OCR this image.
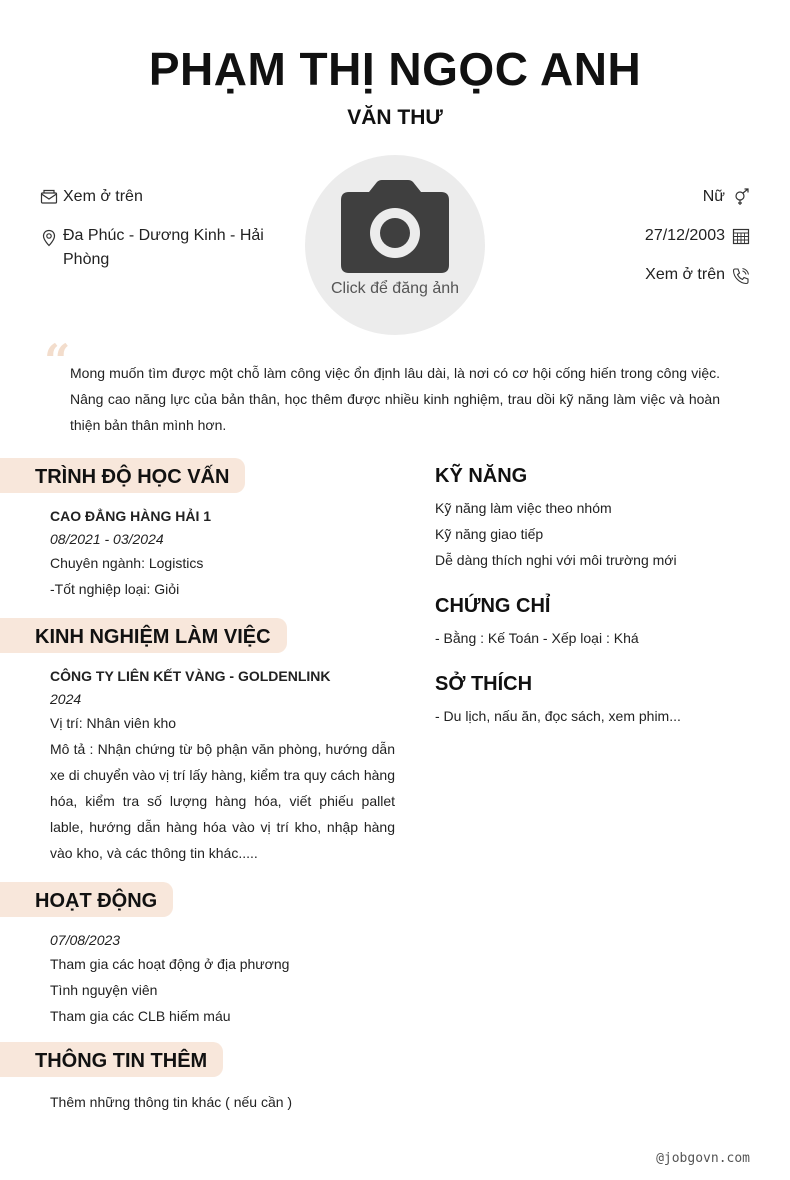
PHẠM THỊ NGỌC ANH
VĂN THƯ
Xem ở trên
Đa Phúc - Dương Kinh - Hải Phòng
Nữ
27/12/2003
Xem ở trên
Click để đăng ảnh
“ Mong muốn tìm được một chỗ làm công việc ổn định lâu dài, là nơi có cơ hội cống hiến trong công việc. Nâng cao năng lực của bản thân, học thêm được nhiều kinh nghiệm, trau dồi kỹ năng làm việc và hoàn thiện bản thân mình hơn.
TRÌNH ĐỘ HỌC VẤN
CAO ĐẲNG HÀNG HẢI 1
08/2021 - 03/2024
Chuyên ngành: Logistics
-Tốt nghiệp loại: Giỏi
KINH NGHIỆM LÀM VIỆC
CÔNG TY LIÊN KẾT VÀNG - GOLDENLINK
2024
Vị trí: Nhân viên kho
Mô tả : Nhận chứng từ bộ phận văn phòng, hướng dẫn xe di chuyển vào vị trí lấy hàng, kiểm tra quy cách hàng hóa, kiểm tra số lượng hàng hóa, viết phiếu pallet lable, hướng dẫn hàng hóa vào vị trí kho, nhập hàng vào kho, và các thông tin khác.....
HOẠT ĐỘNG
07/08/2023
Tham gia các hoạt động ở địa phương
Tình nguyện viên
Tham gia các CLB hiếm máu
THÔNG TIN THÊM
Thêm những thông tin khác ( nếu cần )
KỸ NĂNG
Kỹ năng làm việc theo nhóm
Kỹ năng giao tiếp
Dễ dàng thích nghi với môi trường mới
CHỨNG CHỈ
- Bằng : Kế Toán - Xếp loại : Khá
SỞ THÍCH
- Du lịch, nấu ăn, đọc sách, xem phim...
@jobgovn.com
